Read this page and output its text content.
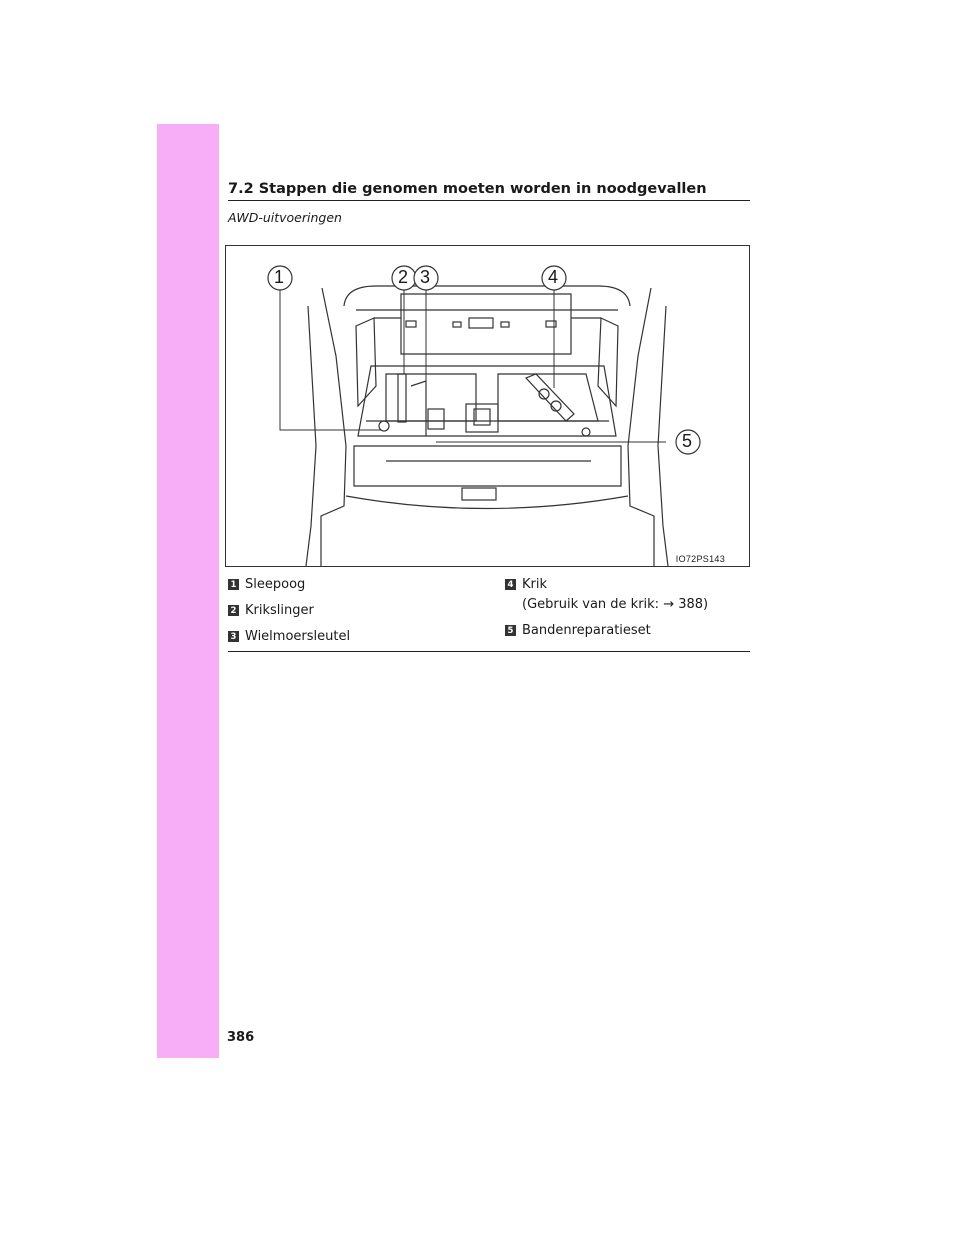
7.2 Stappen die genomen moeten worden in noodgevallen
AWD-uitvoeringen
1	2 3	4
5
IO72PS143
1 Sleepoog
2 Krikslinger
3 Wielmoersleutel
4 Krik
(Gebruik van de krik: → 388)
5 Bandenreparatieset
386
